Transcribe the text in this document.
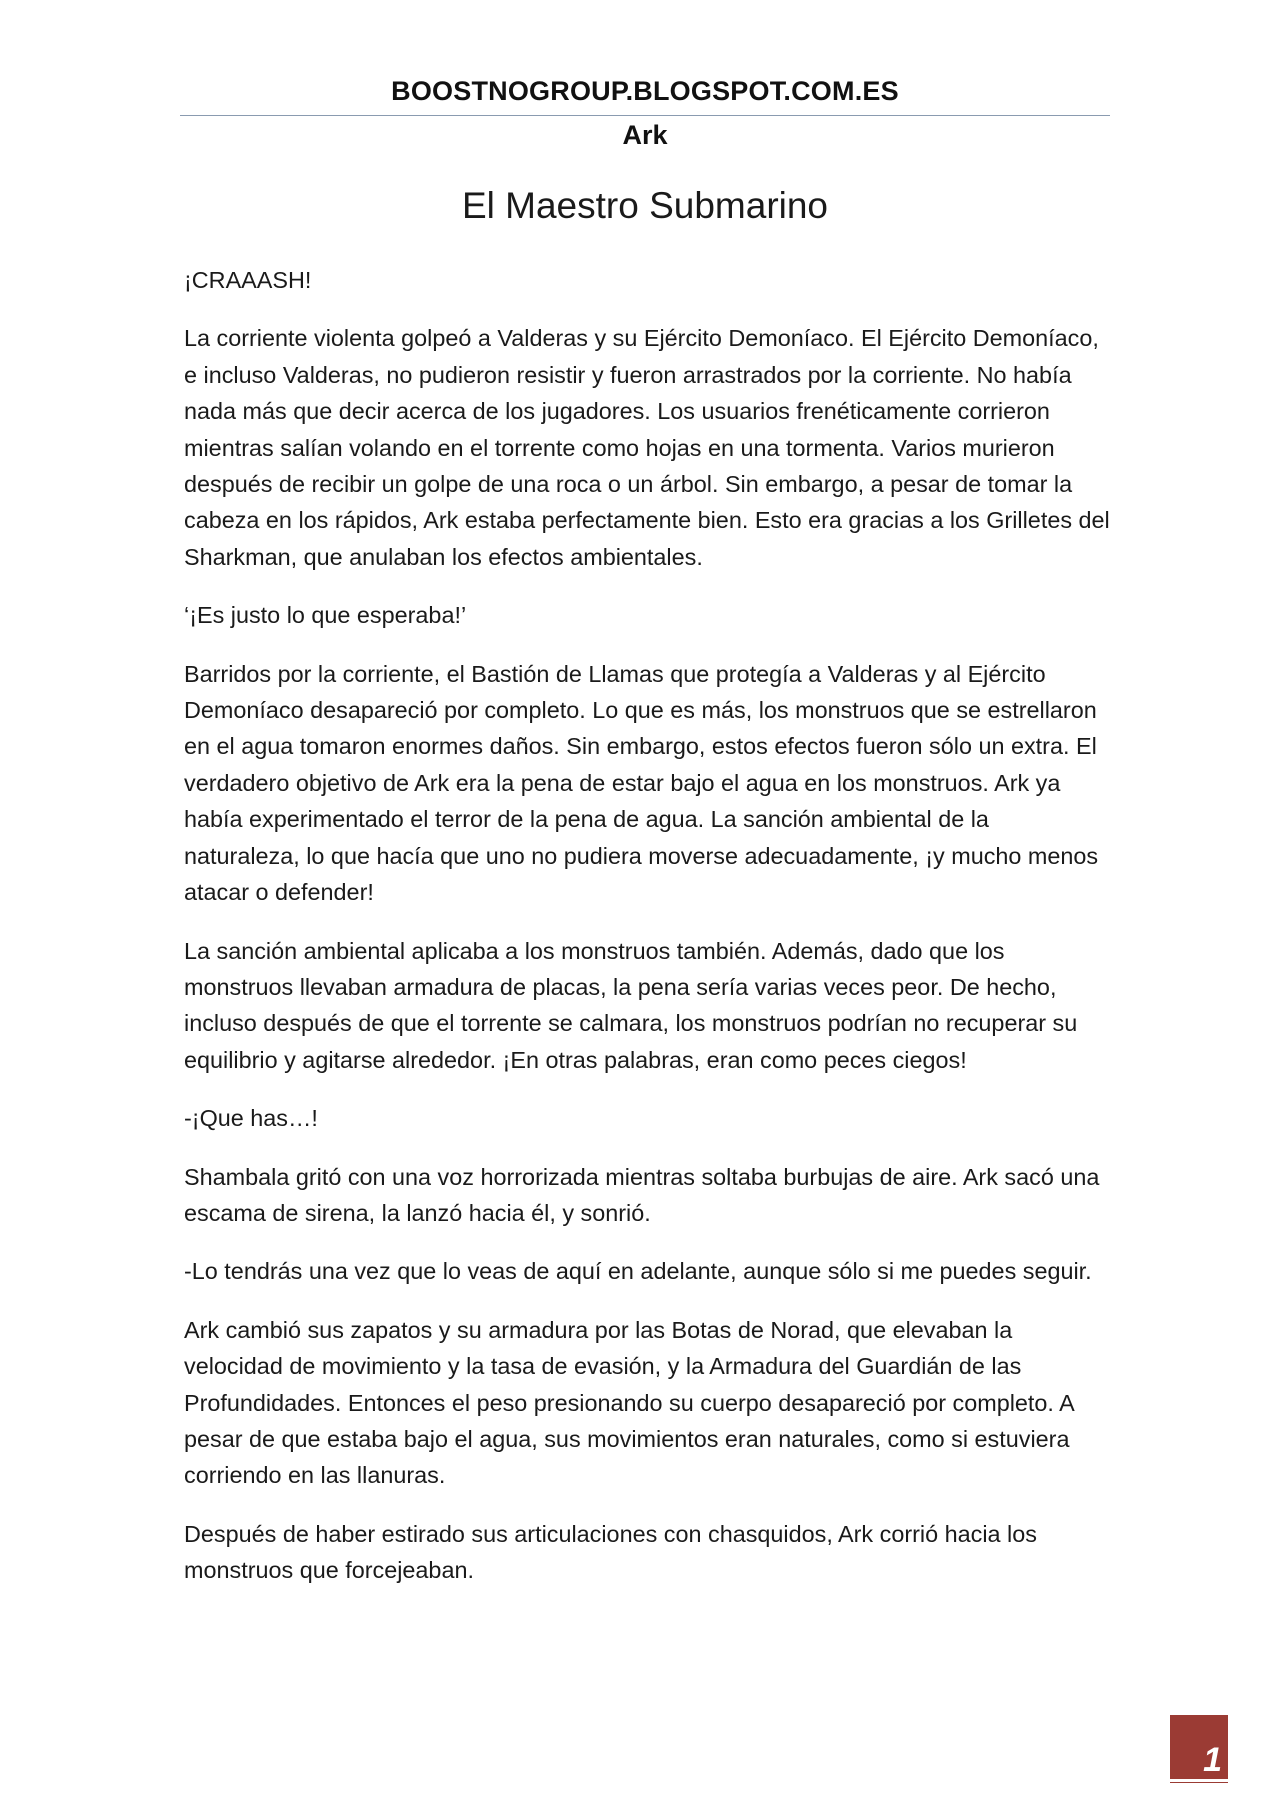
BOOSTNOGROUP.BLOGSPOT.COM.ES
Ark
El Maestro Submarino

¡CRAAASH!

La corriente violenta golpeó a Valderas y su Ejército Demoníaco. El Ejército Demoníaco, e incluso Valderas, no pudieron resistir y fueron arrastrados por la corriente. No había nada más que decir acerca de los jugadores. Los usuarios frenéticamente corrieron mientras salían volando en el torrente como hojas en una tormenta. Varios murieron después de recibir un golpe de una roca o un árbol. Sin embargo, a pesar de tomar la cabeza en los rápidos, Ark estaba perfectamente bien. Esto era gracias a los Grilletes del Sharkman, que anulaban los efectos ambientales.

‘¡Es justo lo que esperaba!’

Barridos por la corriente, el Bastión de Llamas que protegía a Valderas y al Ejército Demoníaco desapareció por completo. Lo que es más, los monstruos que se estrellaron en el agua tomaron enormes daños. Sin embargo, estos efectos fueron sólo un extra. El verdadero objetivo de Ark era la pena de estar bajo el agua en los monstruos. Ark ya había experimentado el terror de la pena de agua. La sanción ambiental de la naturaleza, lo que hacía que uno no pudiera moverse adecuadamente, ¡y mucho menos atacar o defender!

La sanción ambiental aplicaba a los monstruos también. Además, dado que los monstruos llevaban armadura de placas, la pena sería varias veces peor. De hecho, incluso después de que el torrente se calmara, los monstruos podrían no recuperar su equilibrio y agitarse alrededor. ¡En otras palabras, eran como peces ciegos!

-¡Que has…!

Shambala gritó con una voz horrorizada mientras soltaba burbujas de aire. Ark sacó una escama de sirena, la lanzó hacia él, y sonrió.

-Lo tendrás una vez que lo veas de aquí en adelante, aunque sólo si me puedes seguir.

Ark cambió sus zapatos y su armadura por las Botas de Norad, que elevaban la velocidad de movimiento y la tasa de evasión, y la Armadura del Guardián de las Profundidades. Entonces el peso presionando su cuerpo desapareció por completo. A pesar de que estaba bajo el agua, sus movimientos eran naturales, como si estuviera corriendo en las llanuras.

Después de haber estirado sus articulaciones con chasquidos, Ark corrió hacia los monstruos que forcejeaban.

1
